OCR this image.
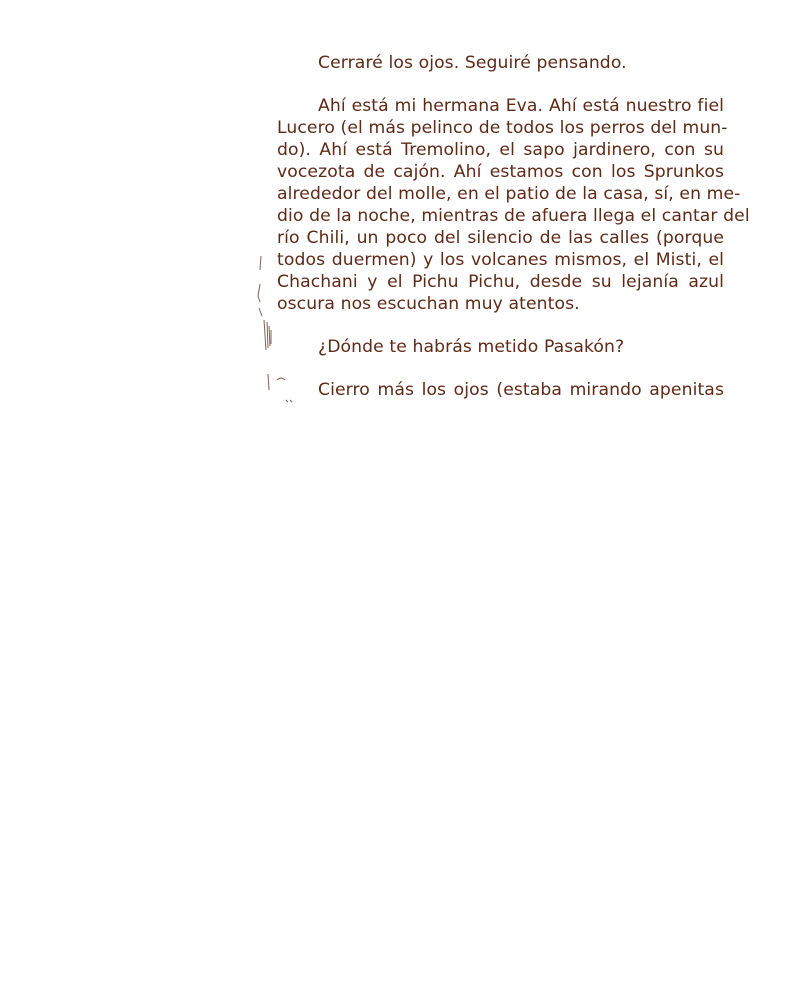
Cerraré los ojos. Seguiré pensando.
Ahí está mi hermana Eva. Ahí está nuestro fiel
Lucero (el más pelinco de todos los perros del mun-
do). Ahí está Tremolino, el sapo jardinero, con su
vocezota de cajón. Ahí estamos con los Sprunkos
alrededor del molle, en el patio de la casa, sí, en me-
dio de la noche, mientras de afuera llega el cantar del
río Chili, un poco del silencio de las calles (porque
todos duermen) y los volcanes mismos, el Misti, el
Chachani y el Pichu Pichu, desde su lejanía azul
oscura nos escuchan muy atentos.
¿Dónde te habrás metido Pasakón?
Cierro más los ojos (estaba mirando apenitas
